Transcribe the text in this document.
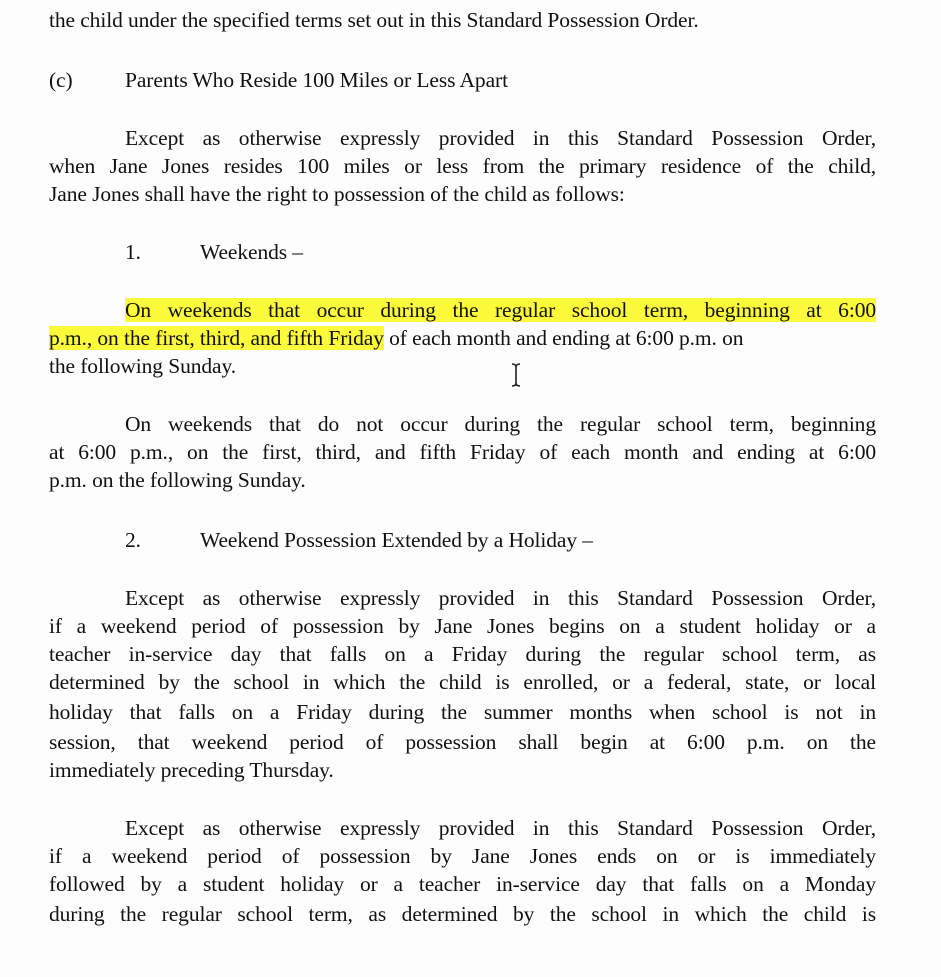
the child under the specified terms set out in this Standard Possession Order.
(c) Parents Who Reside 100 Miles or Less Apart
Except as otherwise expressly provided in this Standard Possession Order,
when Jane Jones resides 100 miles or less from the primary residence of the child,
Jane Jones shall have the right to possession of the child as follows:
1.	Weekends –
On weekends that occur during the regular school term, beginning at 6:00
p.m., on the first, third, and fifth Friday of each month and ending at 6:00 p.m. on
the following Sunday.
On weekends that do not occur during the regular school term, beginning
at 6:00 p.m., on the first, third, and fifth Friday of each month and ending at 6:00
p.m. on the following Sunday.
2.	Weekend Possession Extended by a Holiday –
Except as otherwise expressly provided in this Standard Possession Order,
if a weekend period of possession by Jane Jones begins on a student holiday or a
teacher in-service day that falls on a Friday during the regular school term, as
determined by the school in which the child is enrolled, or a federal, state, or local
holiday that falls on a Friday during the summer months when school is not in
session, that weekend period of possession shall begin at 6:00 p.m. on the
immediately preceding Thursday.
Except as otherwise expressly provided in this Standard Possession Order,
if a weekend period of possession by Jane Jones ends on or is immediately
followed by a student holiday or a teacher in-service day that falls on a Monday
during the regular school term, as determined by the school in which the child is
